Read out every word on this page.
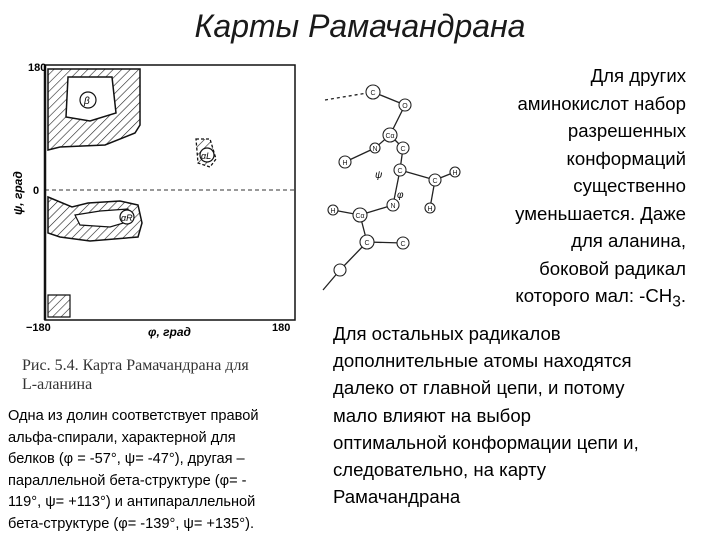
Карты Рамачандрана
180
0
−180	180
ψ, град
φ, град
β
αL
αR
Рис. 5.4. Карта Рамачандрана для
L-аланина
Одна из долин соответствует правой
альфа-спирали, характерной для
белков (φ = -57°, ψ= -47°), другая –
параллельной бета-структуре (φ= -
119°, ψ= +113°) и антипараллельной
бета-структуре (φ= -139°, ψ= +135°).
C
O
Cα
N	C
H
C
C
H
H
N
Cα
H
C	C
ψ
φ
Для других
аминокислот набор
разрешенных
конформаций
существенно
уменьшается. Даже
для аланина,
боковой радикал
которого мал: $-CH_3$.
Для остальных радикалов
дополнительные атомы находятся
далеко от главной цепи, и потому
мало влияют на выбор
оптимальной конформации цепи и,
следовательно, на карту
Рамачандрана
